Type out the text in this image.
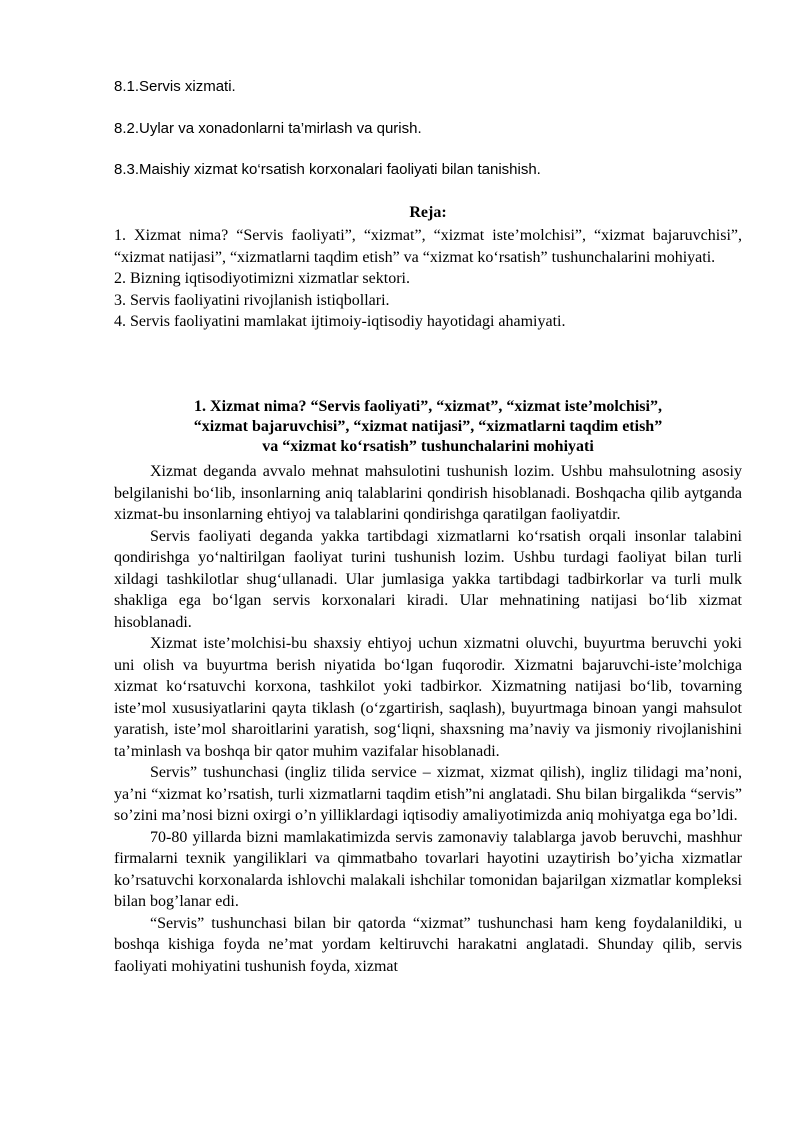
8.1.Servis xizmati.
8.2.Uylar va xonadonlarni ta’mirlash va qurish.
8.3.Maishiy xizmat ko‘rsatish korxonalari faoliyati bilan tanishish.
Reja:
1. Xizmat nima? “Servis faoliyati”, “xizmat”, “xizmat iste’molchisi”, “xizmat bajaruvchisi”, “xizmat natijasi”, “xizmatlarni taqdim etish” va “xizmat ko‘rsatish” tushunchalarini mohiyati.
2. Bizning iqtisodiyotimizni xizmatlar sektori.
3. Servis faoliyatini rivojlanish istiqbollari.
4. Servis faoliyatini mamlakat ijtimoiy-iqtisodiy hayotidagi ahamiyati.
1. Xizmat nima? “Servis faoliyati”, “xizmat”, “xizmat iste’molchisi”,
“xizmat bajaruvchisi”, “xizmat natijasi”, “xizmatlarni taqdim etish”
va “xizmat ko‘rsatish” tushunchalarini mohiyati

Xizmat deganda avvalo mehnat mahsulotini tushunish lozim. Ushbu mahsulotning asosiy belgilanishi bo‘lib, insonlarning aniq talablarini qondirish hisoblanadi. Boshqacha qilib aytganda xizmat-bu insonlarning ehtiyoj va talablarini qondirishga qaratilgan faoliyatdir.

Servis faoliyati deganda yakka tartibdagi xizmatlarni ko‘rsatish orqali insonlar talabini qondirishga yo‘naltirilgan faoliyat turini tushunish lozim. Ushbu turdagi faoliyat bilan turli xildagi tashkilotlar shug‘ullanadi. Ular jumlasiga yakka tartibdagi tadbirkorlar va turli mulk shakliga ega bo‘lgan servis korxonalari kiradi. Ular mehnatining natijasi bo‘lib xizmat hisoblanadi.

Xizmat iste’molchisi-bu shaxsiy ehtiyoj uchun xizmatni oluvchi, buyurtma beruvchi yoki uni olish va buyurtma berish niyatida bo‘lgan fuqorodir. Xizmatni bajaruvchi-iste’molchiga xizmat ko‘rsatuvchi korxona, tashkilot yoki tadbirkor. Xizmatning natijasi bo‘lib, tovarning iste’mol xususiyatlarini qayta tiklash (o‘zgartirish, saqlash), buyurtmaga binoan yangi mahsulot yaratish, iste’mol sharoitlarini yaratish, sog‘liqni, shaxsning ma’naviy va jismoniy rivojlanishini ta’minlash va boshqa bir qator muhim vazifalar hisoblanadi.

Servis” tushunchasi (ingliz tilida service – xizmat, xizmat qilish), ingliz tilidagi ma’noni, ya’ni “xizmat ko’rsatish, turli xizmatlarni taqdim etish”ni anglatadi. Shu bilan birgalikda “servis” so’zini ma’nosi bizni oxirgi o’n yilliklardagi iqtisodiy amaliyotimizda aniq mohiyatga ega bo’ldi.

70-80 yillarda bizni mamlakatimizda servis zamonaviy talablarga javob beruvchi, mashhur firmalarni texnik yangiliklari va qimmatbaho tovarlari hayotini uzaytirish bo’yicha xizmatlar ko’rsatuvchi korxonalarda ishlovchi malakali ishchilar tomonidan bajarilgan xizmatlar kompleksi bilan bog’lanar edi.

“Servis” tushunchasi bilan bir qatorda “xizmat” tushunchasi ham keng foydalanildiki, u boshqa kishiga foyda ne’mat yordam keltiruvchi harakatni anglatadi. Shunday qilib, servis faoliyati mohiyatini tushunish foyda, xizmat
